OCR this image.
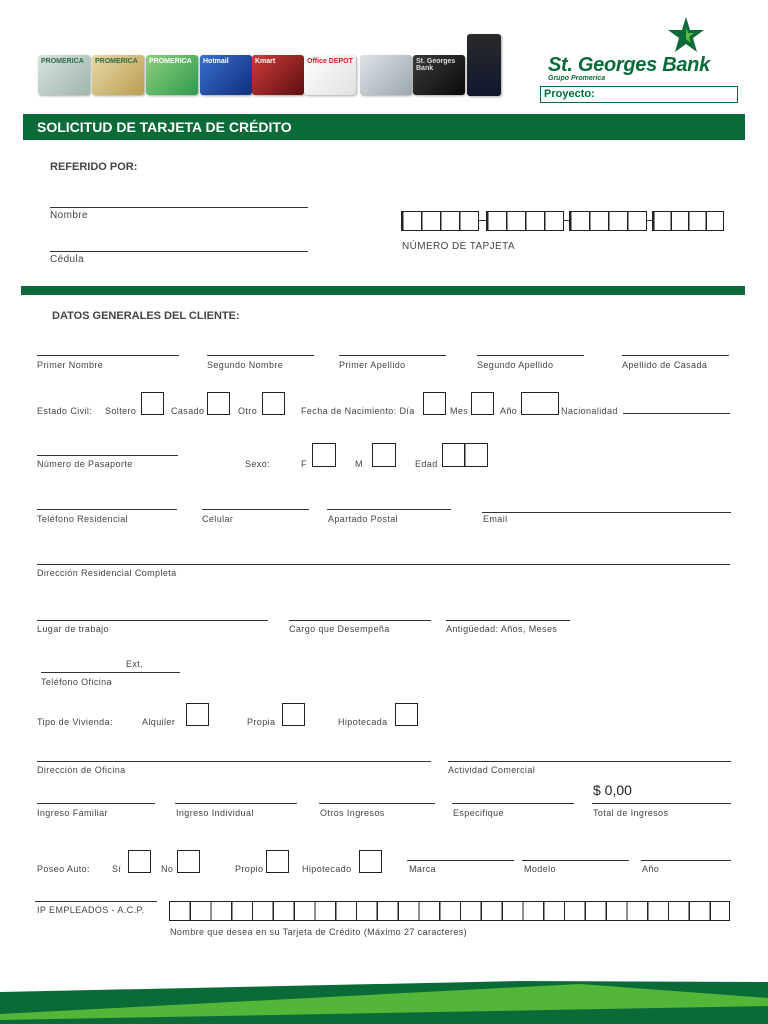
PROMERICA	PROMERICA	PROMERICA	Hotmail	Kmart	Office DEPOT	St. Georges Bank	St. Georges Bank
Grupo Promerica
Proyecto:
SOLICITUD DE TARJETA DE CRÉDITO
REFERIDO POR:
Nombre
Cédula
NÚMERO DE TAPJETA
DATOS GENERALES DEL CLIENTE:
Primer Nombre	Segundo Nombre	Primer Apellido	Segundo Apellido	Apellido de Casada
Estado Civil: Soltero	Casado	Otro	Fecha de Nacimiento: Día	Mes	Año	Nacionalidad
Número de Pasaporte	Sexo:	F	M	Edad
Teléfono Residencial	Celular	Apartado Postal	Email
Dirección Residencial Completa
Lugar de trabajo	Cargo que Desempeña	Antigüedad: Años, Meses
Ext.
Teléfono Oficina
Tipo de Vivienda:	Alquiler	Propia	Hipotecada
Dirección de Oficina	Actividad Comercial
$ 0,00
Ingreso Familiar	Ingreso Individual	Otros Ingresos	Especifique	Total de Ingresos
Poseo Auto: Sí	No	Propio	Hipotecado	Marca	Modelo	Año
IP EMPLEADOS - A.C.P.
Nombre que desea en su Tarjeta de Crédito (Máximo 27 caracteres)
